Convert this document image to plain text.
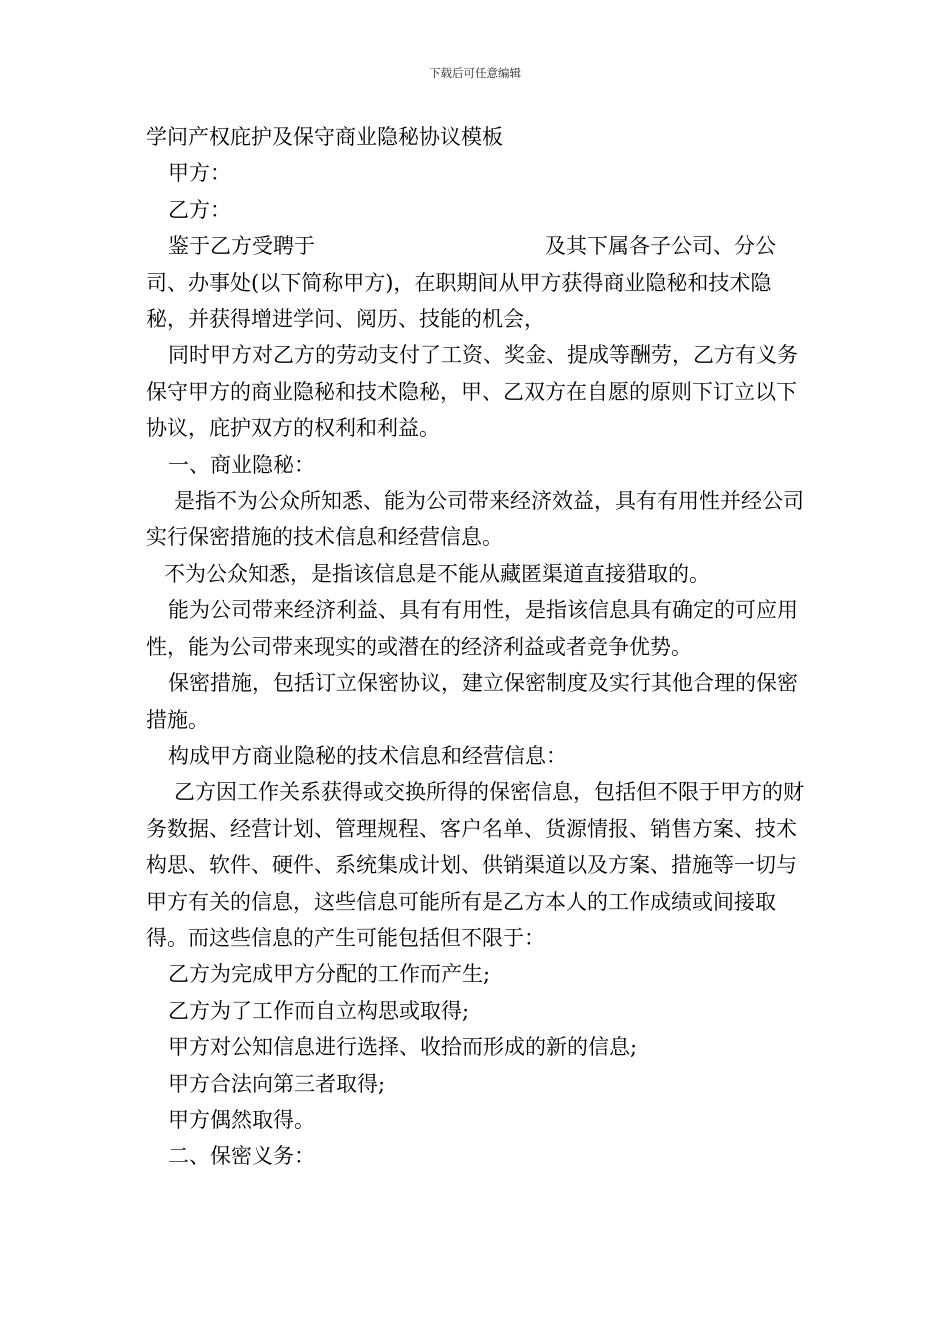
下载后可任意编辑

学问产权庇护及保守商业隐秘协议模板

甲方：

乙方：

鉴于乙方受聘于	及其下属各子公司、分公司、办事处(以下简称甲方)，在职期间从甲方获得商业隐秘和技术隐秘，并获得增进学问、阅历、技能的机会，

同时甲方对乙方的劳动支付了工资、奖金、提成等酬劳，乙方有义务保守甲方的商业隐秘和技术隐秘，甲、乙双方在自愿的原则下订立以下协议，庇护双方的权利和利益。

一、商业隐秘：

是指不为公众所知悉、能为公司带来经济效益，具有有用性并经公司实行保密措施的技术信息和经营信息。

不为公众知悉，是指该信息是不能从藏匿渠道直接猎取的。

能为公司带来经济利益、具有有用性，是指该信息具有确定的可应用性，能为公司带来现实的或潜在的经济利益或者竞争优势。

保密措施，包括订立保密协议，建立保密制度及实行其他合理的保密措施。

构成甲方商业隐秘的技术信息和经营信息：

乙方因工作关系获得或交换所得的保密信息，包括但不限于甲方的财务数据、经营计划、管理规程、客户名单、货源情报、销售方案、技术构思、软件、硬件、系统集成计划、供销渠道以及方案、措施等一切与甲方有关的信息，这些信息可能所有是乙方本人的工作成绩或间接取得。而这些信息的产生可能包括但不限于：

乙方为完成甲方分配的工作而产生;

乙方为了工作而自立构思或取得;

甲方对公知信息进行选择、收拾而形成的新的信息;

甲方合法向第三者取得;

甲方偶然取得。

二、保密义务：
